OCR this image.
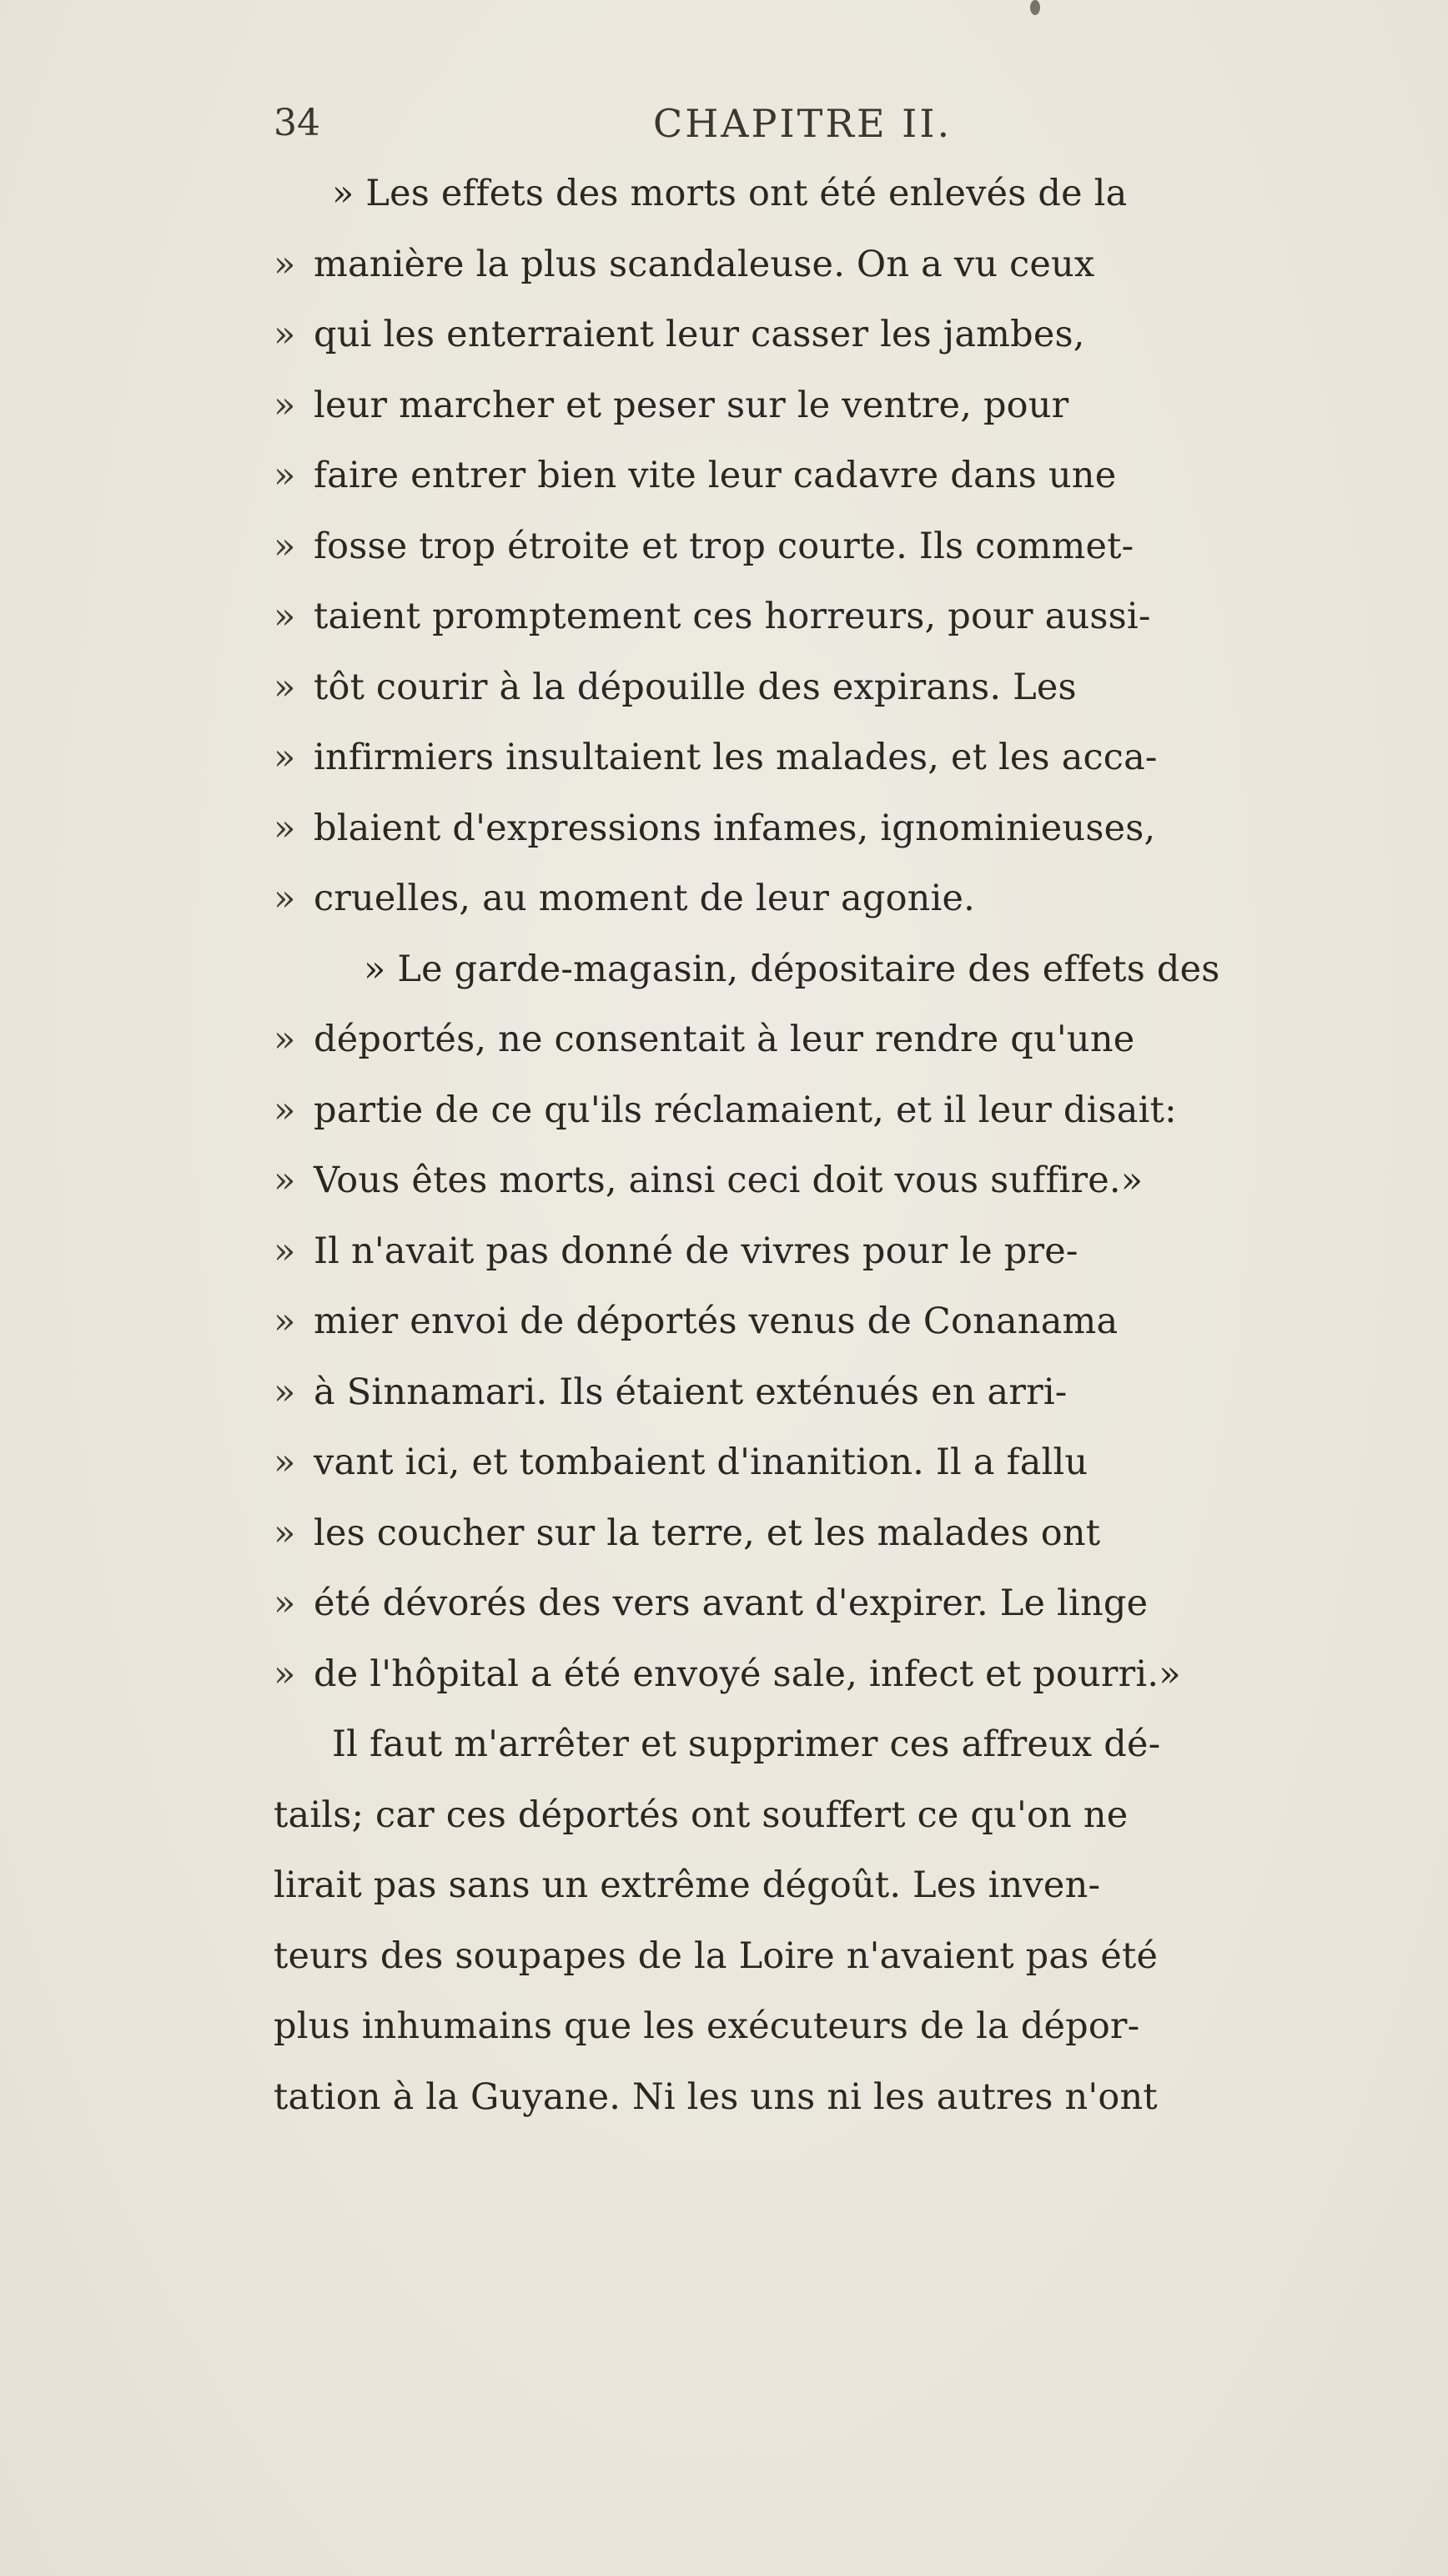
34	CHAPITRE II.
» Les effets des morts ont été enlevés de la
» manière la plus scandaleuse. On a vu ceux
» qui les enterraient leur casser les jambes,
» leur marcher et peser sur le ventre, pour
» faire entrer bien vite leur cadavre dans une
» fosse trop étroite et trop courte. Ils commet-
» taient promptement ces horreurs, pour aussi-
» tôt courir à la dépouille des expirans. Les
» infirmiers insultaient les malades, et les acca-
» blaient d'expressions infames, ignominieuses,
» cruelles, au moment de leur agonie.
» Le garde-magasin, dépositaire des effets des
» déportés, ne consentait à leur rendre qu'une
» partie de ce qu'ils réclamaient, et il leur disait:
» Vous êtes morts, ainsi ceci doit vous suffire.»
» Il n'avait pas donné de vivres pour le pre-
» mier envoi de déportés venus de Conanama
» à Sinnamari. Ils étaient exténués en arri-
» vant ici, et tombaient d'inanition. Il a fallu
» les coucher sur la terre, et les malades ont
» été dévorés des vers avant d'expirer. Le linge
» de l'hôpital a été envoyé sale, infect et pourri.»
Il faut m'arrêter et supprimer ces affreux dé-
tails; car ces déportés ont souffert ce qu'on ne
lirait pas sans un extrême dégoût. Les inven-
teurs des soupapes de la Loire n'avaient pas été
plus inhumains que les exécuteurs de la dépor-
tation à la Guyane. Ni les uns ni les autres n'ont
